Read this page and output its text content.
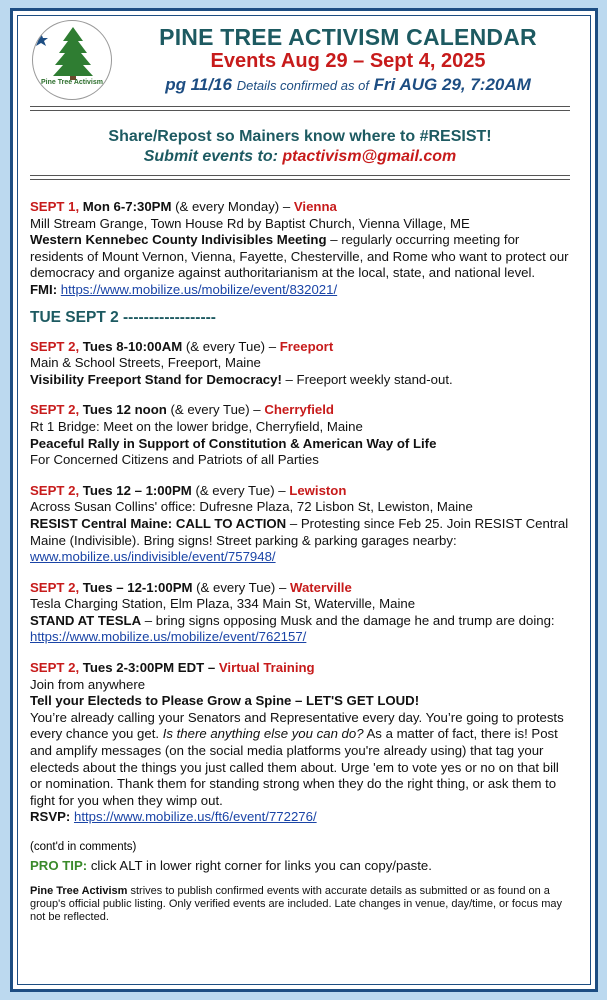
Pine Tree Activism
PINE TREE ACTIVISM CALENDAR
Events Aug 29 – Sept 4, 2025
pg 11/16 Details confirmed as of Fri AUG 29, 7:20AM
Share/Repost so Mainers know where to #RESIST!
Submit events to: ptactivism@gmail.com
SEPT 1, Mon 6-7:30PM (& every Monday) – Vienna
Mill Stream Grange, Town House Rd by Baptist Church, Vienna Village, ME
Western Kennebec County Indivisibles Meeting – regularly occurring meeting for residents of Mount Vernon, Vienna, Fayette, Chesterville, and Rome who want to protect our democracy and organize against authoritarianism at the local, state, and national level.
FMI: https://www.mobilize.us/mobilize/event/832021/
TUE SEPT 2 ------------------
SEPT 2, Tues 8-10:00AM (& every Tue) – Freeport
Main & School Streets, Freeport, Maine
Visibility Freeport Stand for Democracy! – Freeport weekly stand-out.
SEPT 2, Tues 12 noon (& every Tue) – Cherryfield
Rt 1 Bridge: Meet on the lower bridge, Cherryfield, Maine
Peaceful Rally in Support of Constitution & American Way of Life
For Concerned Citizens and Patriots of all Parties
SEPT 2, Tues 12 – 1:00PM (& every Tue) – Lewiston
Across Susan Collins' office: Dufresne Plaza, 72 Lisbon St, Lewiston, Maine
RESIST Central Maine: CALL TO ACTION – Protesting since Feb 25. Join RESIST Central Maine (Indivisible). Bring signs! Street parking & parking garages nearby: www.mobilize.us/indivisible/event/757948/
SEPT 2, Tues – 12-1:00PM (& every Tue) – Waterville
Tesla Charging Station, Elm Plaza, 334 Main St, Waterville, Maine
STAND AT TESLA – bring signs opposing Musk and the damage he and trump are doing: https://www.mobilize.us/mobilize/event/762157/
SEPT 2, Tues 2-3:00PM EDT – Virtual Training
Join from anywhere
Tell your Electeds to Please Grow a Spine – LET'S GET LOUD!
You’re already calling your Senators and Representative every day. You’re going to protests every chance you get. Is there anything else you can do? As a matter of fact, there is! Post and amplify messages (on the social media platforms you're already using) that tag your electeds about the things you just called them about. Urge 'em to vote yes or no on that bill or nomination. Thank them for standing strong when they do the right thing, or ask them to fight for you when they wimp out.
RSVP: https://www.mobilize.us/ft6/event/772276/
(cont'd in comments)
PRO TIP: click ALT in lower right corner for links you can copy/paste.
Pine Tree Activism strives to publish confirmed events with accurate details as submitted or as found on a group's official public listing. Only verified events are included. Late changes in venue, day/time, or focus may not be reflected.
